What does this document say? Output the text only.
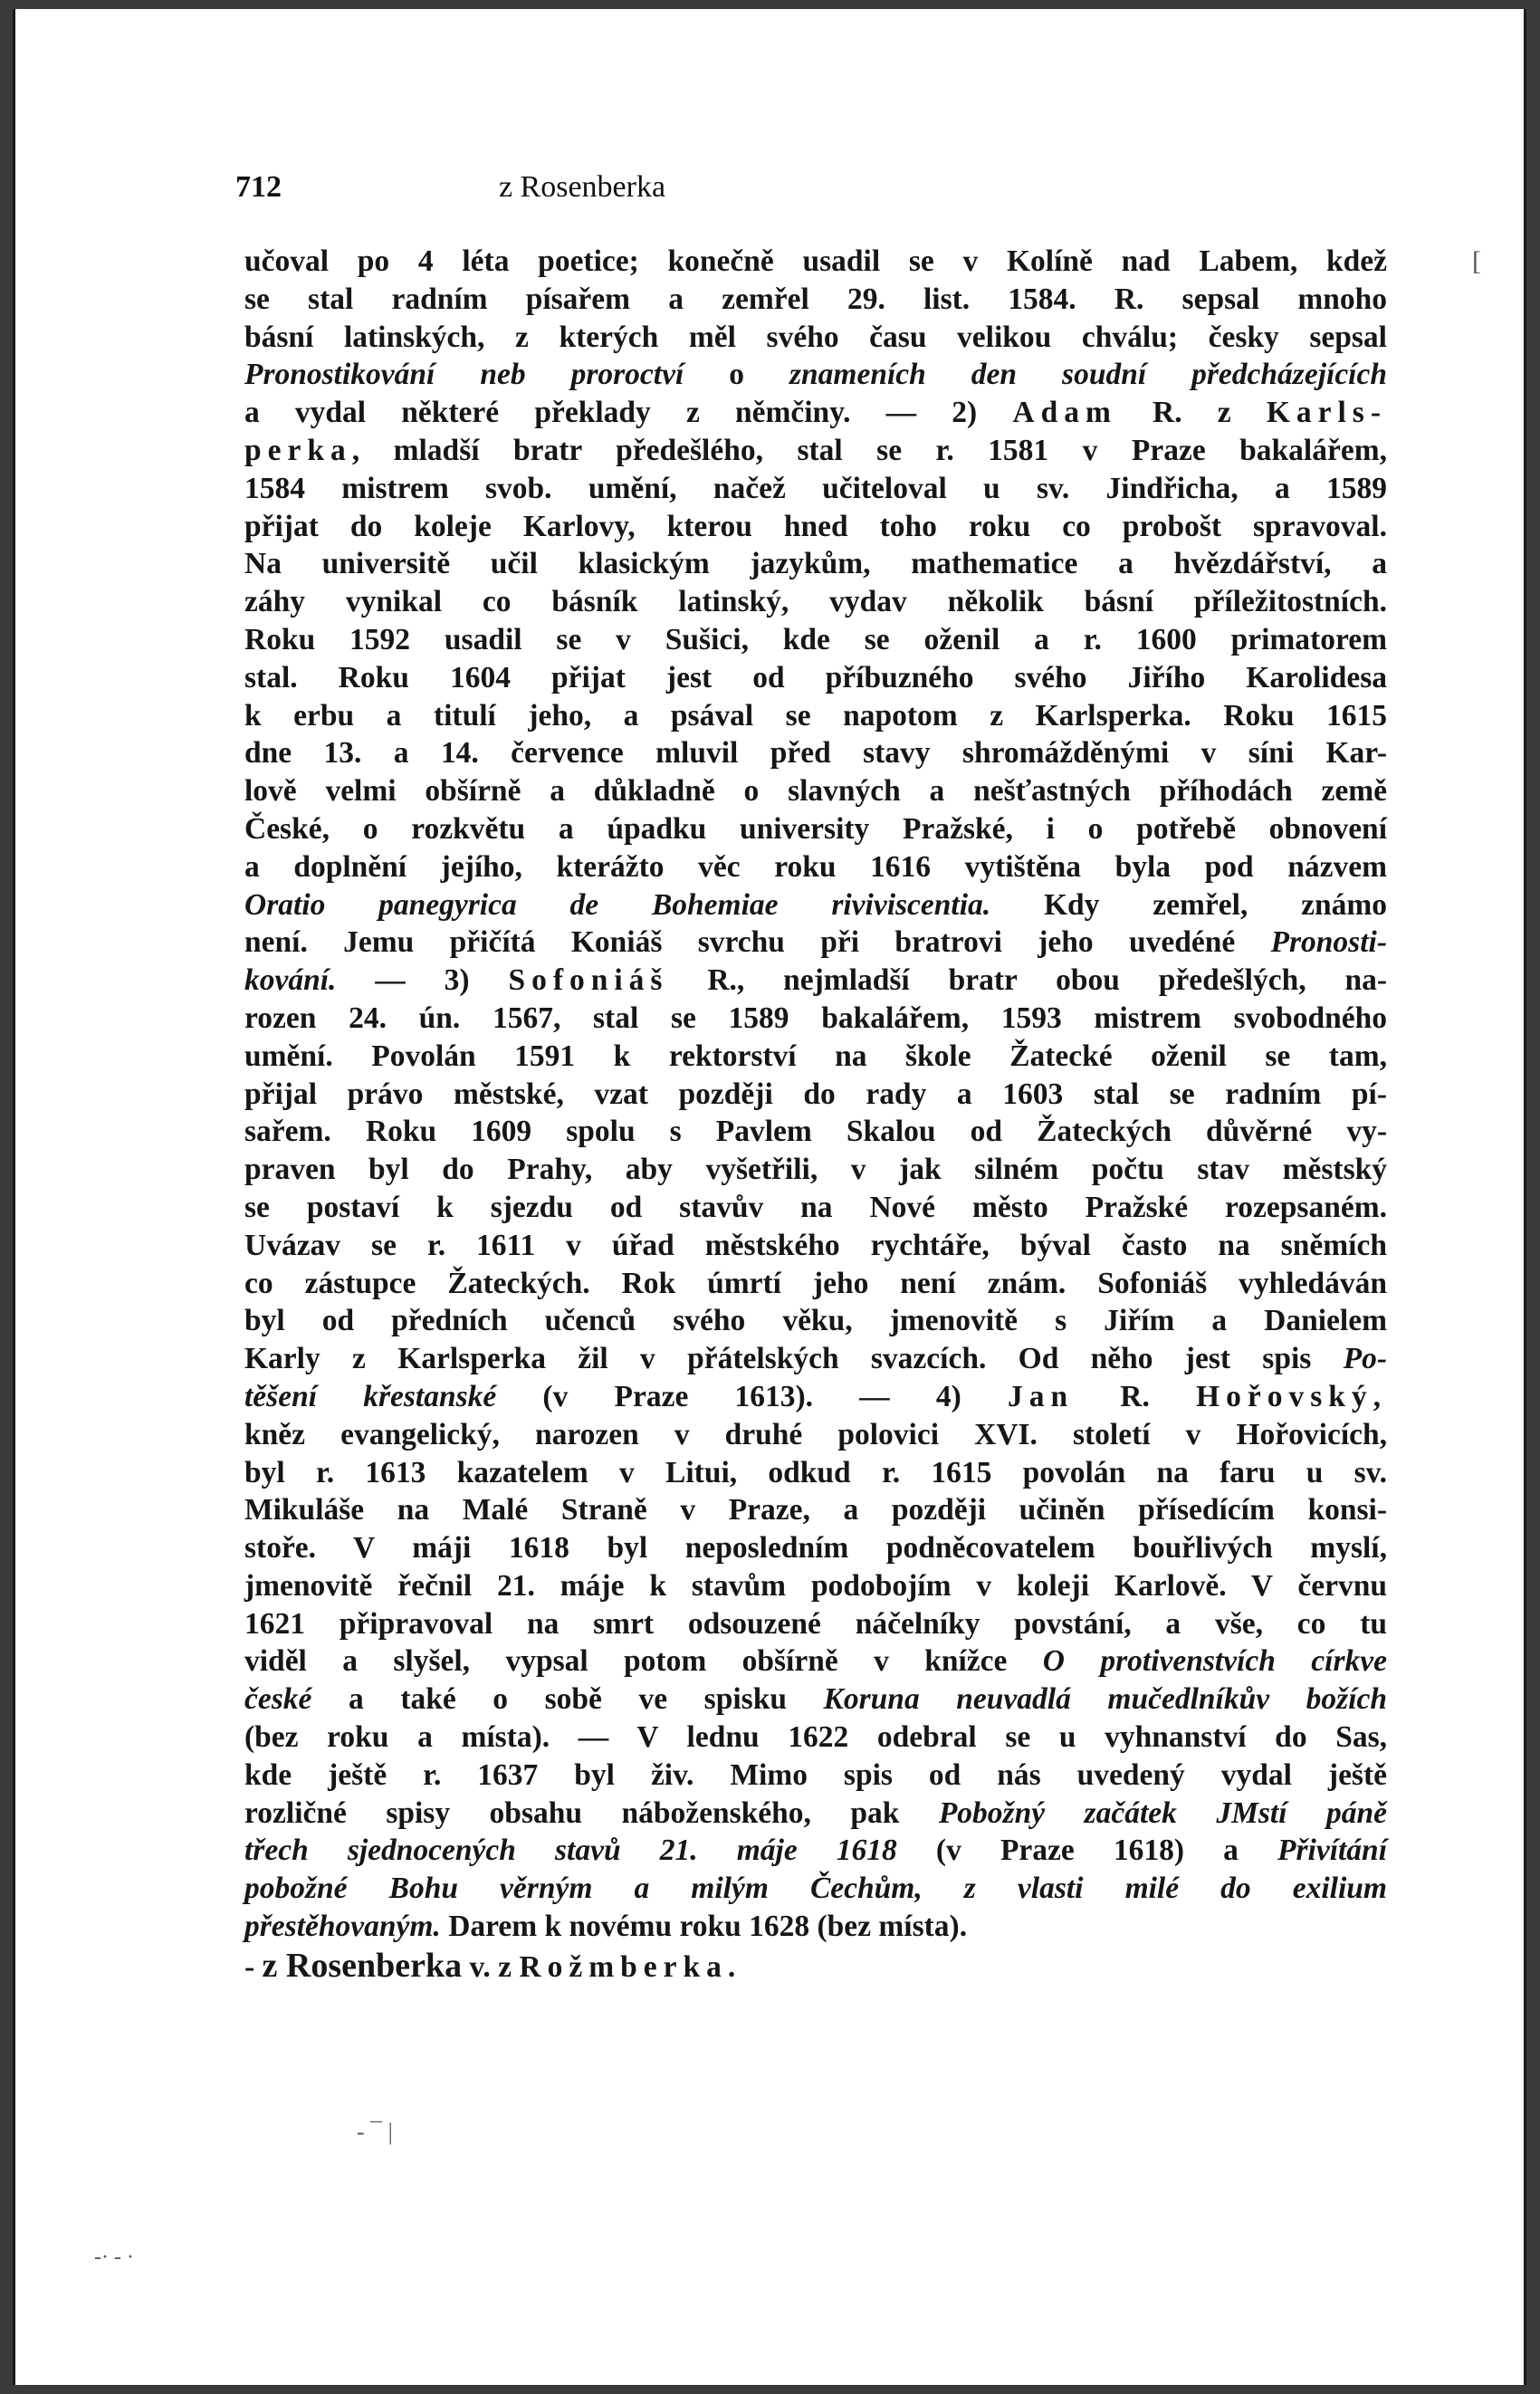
712	z Rosenberka
[
učoval po 4 léta poetice; konečně usadil se v Kolíně nad Labem, kdež
se stal radním písařem a zemřel 29. list. 1584. R. sepsal mnoho
básní latinských, z kterých měl svého času velikou chválu; česky sepsal
Pronostikování neb proroctví o znameních den soudní předcházejících
a vydal některé překlady z němčiny. — 2) Adam R. z Karls-
perka, mladší bratr předešlého, stal se r. 1581 v Praze bakalářem,
1584 mistrem svob. umění, načež učiteloval u sv. Jindřicha, a 1589
přijat do koleje Karlovy, kterou hned toho roku co probošt spravoval.
Na universitě učil klasickým jazykům, mathematice a hvězdářství, a
záhy vynikal co básník latinský, vydav několik básní příležitostních.
Roku 1592 usadil se v Sušici, kde se oženil a r. 1600 primatorem
stal. Roku 1604 přijat jest od příbuzného svého Jiřího Karolidesa
k erbu a titulí jeho, a psával se napotom z Karlsperka. Roku 1615
dne 13. a 14. července mluvil před stavy shromážděnými v síni Kar-
lově velmi obšírně a důkladně o slavných a nešťastných příhodách země
České, o rozkvětu a úpadku university Pražské, i o potřebě obnovení
a doplnění jejího, kterážto věc roku 1616 vytištěna byla pod názvem
Oratio panegyrica de Bohemiae riviviscentia. Kdy zemřel, známo
není. Jemu přičítá Koniáš svrchu při bratrovi jeho uvedéné Pronosti-
kování. — 3) Sofoniáš R., nejmladší bratr obou předešlých, na-
rozen 24. ún. 1567, stal se 1589 bakalářem, 1593 mistrem svobodného
umění. Povolán 1591 k rektorství na škole Žatecké oženil se tam,
přijal právo městské, vzat později do rady a 1603 stal se radním pí-
sařem. Roku 1609 spolu s Pavlem Skalou od Žateckých důvěrné vy-
praven byl do Prahy, aby vyšetřili, v jak silném počtu stav městský
se postaví k sjezdu od stavův na Nové město Pražské rozepsaném.
Uvázav se r. 1611 v úřad městského rychtáře, býval často na sněmích
co zástupce Žateckých. Rok úmrtí jeho není znám. Sofoniáš vyhledáván
byl od předních učenců svého věku, jmenovitě s Jiřím a Danielem
Karly z Karlsperka žil v přátelských svazcích. Od něho jest spis Po-
těšení křestanské (v Praze 1613). — 4) Jan R. Hořovský,
kněz evangelický, narozen v druhé polovici XVI. století v Hořovicích,
byl r. 1613 kazatelem v Litui, odkud r. 1615 povolán na faru u sv.
Mikuláše na Malé Straně v Praze, a později učiněn přísedícím konsi-
stoře. V máji 1618 byl neposledním podněcovatelem bouřlivých myslí,
jmenovitě řečnil 21. máje k stavům podobojím v koleji Karlově. V červnu
1621 připravoval na smrt odsouzené náčelníky povstání, a vše, co tu
viděl a slyšel, vypsal potom obšírně v knížce O protivenstvích církve
české a také o sobě ve spisku Koruna neuvadlá mučedlníkův božích
(bez roku a místa). — V lednu 1622 odebral se u vyhnanství do Sas,
kde ještě r. 1637 byl živ. Mimo spis od nás uvedený vydal ještě
rozličné spisy obsahu náboženského, pak Pobožný začátek JMstí páně
třech sjednocených stavů 21. máje 1618 (v Praze 1618) a Přivítání
pobožné Bohu věrným a milým Čechům, z vlasti milé do exilium
přestěhovaným. Darem k novému roku 1628 (bez místa).
- z Rosenberka v. z Rožmberka.
- ¯ |
-· - ·
